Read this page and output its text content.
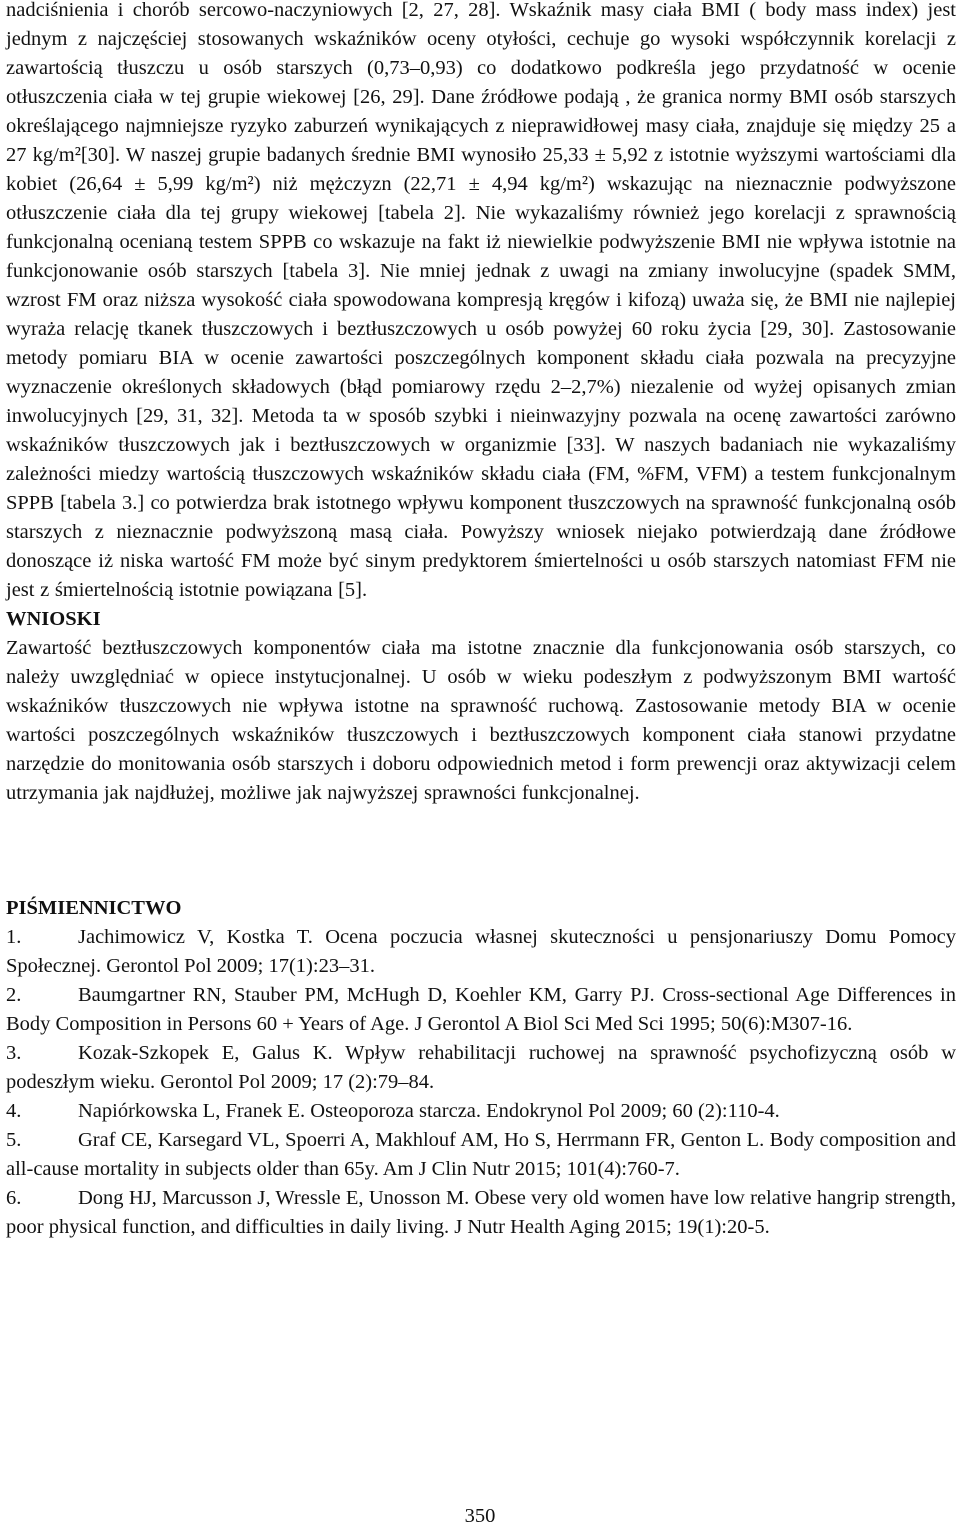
nadciśnienia i chorób sercowo-naczyniowych [2, 27, 28]. Wskaźnik masy ciała BMI ( body mass index) jest jednym z najczęściej stosowanych wskaźników oceny otyłości, cechuje go wysoki współczynnik korelacji z zawartością tłuszczu u osób starszych (0,73–0,93) co dodatkowo podkreśla jego przydatność w ocenie otłuszczenia ciała w tej grupie wiekowej [26, 29]. Dane źródłowe podają , że granica normy BMI osób starszych określającego najmniejsze ryzyko zaburzeń wynikających z nieprawidłowej masy ciała, znajduje się między 25 a 27 kg/m²[30]. W naszej grupie badanych średnie BMI wynosiło 25,33 ± 5,92 z istotnie wyższymi wartościami dla kobiet (26,64 ± 5,99 kg/m²) niż mężczyzn (22,71 ± 4,94 kg/m²) wskazując na nieznacznie podwyższone otłuszczenie ciała dla tej grupy wiekowej [tabela 2]. Nie wykazaliśmy również jego korelacji z sprawnością funkcjonalną ocenianą testem SPPB co wskazuje na fakt iż niewielkie podwyższenie BMI nie wpływa istotnie na funkcjonowanie osób starszych [tabela 3]. Nie mniej jednak z uwagi na zmiany inwolucyjne (spadek SMM, wzrost FM oraz niższa wysokość ciała spowodowana kompresją kręgów i kifozą) uważa się, że BMI nie najlepiej wyraża relację tkanek tłuszczowych i beztłuszczowych u osób powyżej 60 roku życia [29, 30]. Zastosowanie metody pomiaru BIA w ocenie zawartości poszczególnych komponent składu ciała pozwala na precyzyjne wyznaczenie określonych składowych (błąd pomiarowy rzędu 2–2,7%) niezalenie od wyżej opisanych zmian inwolucyjnych [29, 31, 32]. Metoda ta w sposób szybki i nieinwazyjny pozwala na ocenę zawartości zarówno wskaźników tłuszczowych jak i beztłuszczowych w organizmie [33]. W naszych badaniach nie wykazaliśmy zależności miedzy wartością tłuszczowych wskaźników składu ciała (FM, %FM, VFM) a testem funkcjonalnym SPPB [tabela 3.] co potwierdza brak istotnego wpływu komponent tłuszczowych na sprawność funkcjonalną osób starszych z nieznacznie podwyższoną masą ciała. Powyższy wniosek niejako potwierdzają dane źródłowe donoszące iż niska wartość FM może być sinym predyktorem śmiertelności u osób starszych natomiast FFM nie jest z śmiertelnością istotnie powiązana [5].

WNIOSKI

Zawartość beztłuszczowych komponentów ciała ma istotne znacznie dla funkcjonowania osób starszych, co należy uwzględniać w opiece instytucjonalnej. U osób w wieku podeszłym z podwyższonym BMI wartość wskaźników tłuszczowych nie wpływa istotne na sprawność ruchową. Zastosowanie metody BIA w ocenie wartości poszczególnych wskaźników tłuszczowych i beztłuszczowych komponent ciała stanowi przydatne narzędzie do monitowania osób starszych i doboru odpowiednich metod i form prewencji oraz aktywizacji celem utrzymania jak najdłużej, możliwe jak najwyższej sprawności funkcjonalnej.

PIŚMIENNICTWO

1.	Jachimowicz V, Kostka T. Ocena poczucia własnej skuteczności u pensjonariuszy Domu Pomocy Społecznej. Gerontol Pol 2009; 17(1):23–31.
2.	Baumgartner RN, Stauber PM, McHugh D, Koehler KM, Garry PJ. Cross-sectional Age Differences in Body Composition in Persons 60 + Years of Age. J Gerontol A Biol Sci Med Sci 1995; 50(6):M307-16.
3.	Kozak-Szkopek E, Galus K. Wpływ rehabilitacji ruchowej na sprawność psychofizyczną osób w podeszłym wieku. Gerontol Pol 2009; 17 (2):79–84.
4.	Napiórkowska L, Franek E. Osteoporoza starcza. Endokrynol Pol 2009; 60 (2):110-4.
5.	Graf CE, Karsegard VL, Spoerri A, Makhlouf AM, Ho S, Herrmann FR, Genton L. Body composition and all-cause mortality in subjects older than 65y. Am J Clin Nutr 2015; 101(4):760-7.
6.	Dong HJ, Marcusson J, Wressle E, Unosson M. Obese very old women have low relative hangrip strength, poor physical function, and difficulties in daily living. J Nutr Health Aging 2015; 19(1):20-5.
350
